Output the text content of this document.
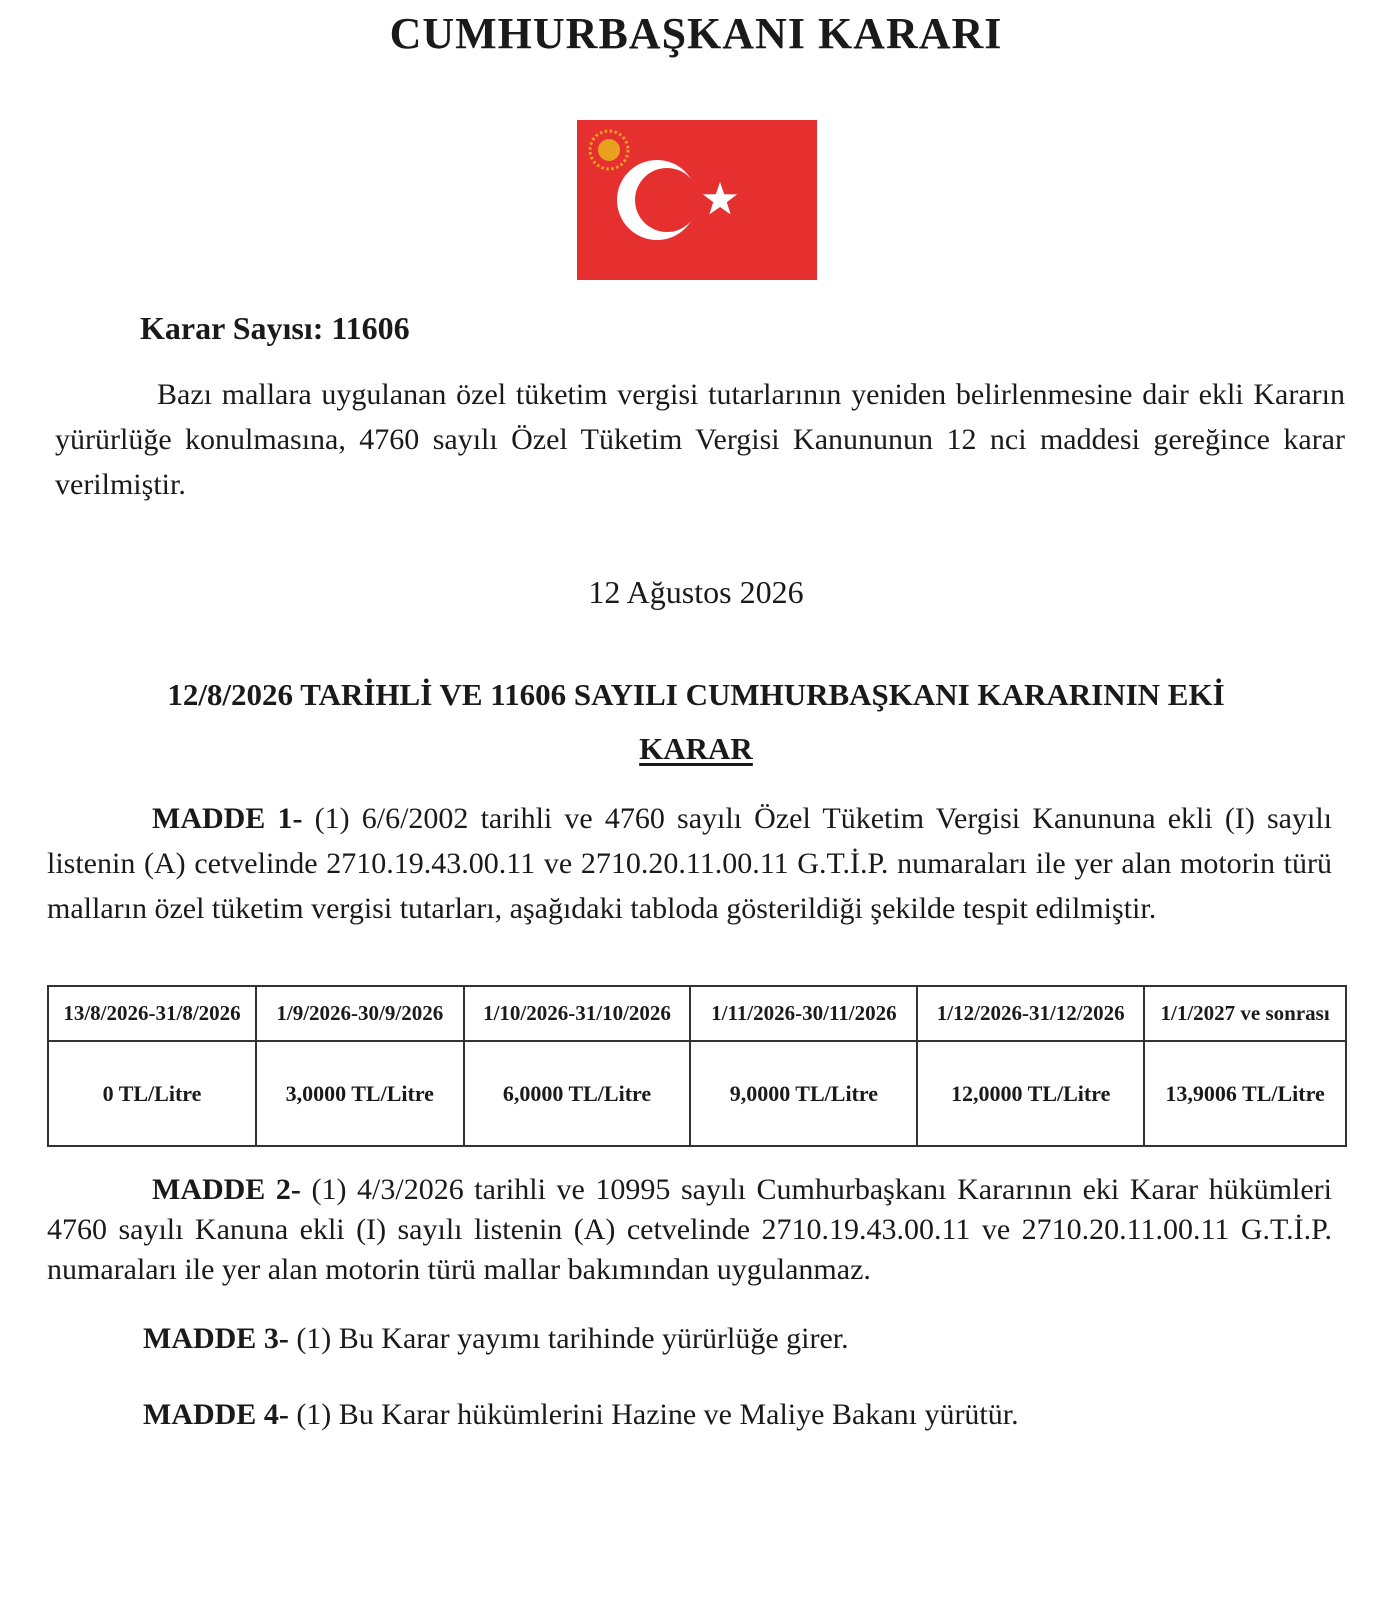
CUMHURBAŞKANI KARARI
Karar Sayısı: 11606
Bazı mallara uygulanan özel tüketim vergisi tutarlarının yeniden belirlenmesine dair ekli Kararın yürürlüğe konulmasına, 4760 sayılı Özel Tüketim Vergisi Kanununun 12 nci maddesi gereğince karar verilmiştir.
12 Ağustos 2026
12/8/2026 TARİHLİ VE 11606 SAYILI CUMHURBAŞKANI KARARININ EKİ
KARAR
MADDE 1- (1) 6/6/2002 tarihli ve 4760 sayılı Özel Tüketim Vergisi Kanununa ekli (I) sayılı listenin (A) cetvelinde 2710.19.43.00.11 ve 2710.20.11.00.11 G.T.İ.P. numaraları ile yer alan motorin türü malların özel tüketim vergisi tutarları, aşağıdaki tabloda gösterildiği şekilde tespit edilmiştir.
13/8/2026-31/8/2026	1/9/2026-30/9/2026	1/10/2026-31/10/2026	1/11/2026-30/11/2026	1/12/2026-31/12/2026	1/1/2027 ve sonrası
0 TL/Litre	3,0000 TL/Litre	6,0000 TL/Litre	9,0000 TL/Litre	12,0000 TL/Litre	13,9006 TL/Litre
MADDE 2- (1) 4/3/2026 tarihli ve 10995 sayılı Cumhurbaşkanı Kararının eki Karar hükümleri 4760 sayılı Kanuna ekli (I) sayılı listenin (A) cetvelinde 2710.19.43.00.11 ve 2710.20.11.00.11 G.T.İ.P. numaraları ile yer alan motorin türü mallar bakımından uygulanmaz.
MADDE 3- (1) Bu Karar yayımı tarihinde yürürlüğe girer.
MADDE 4- (1) Bu Karar hükümlerini Hazine ve Maliye Bakanı yürütür.
